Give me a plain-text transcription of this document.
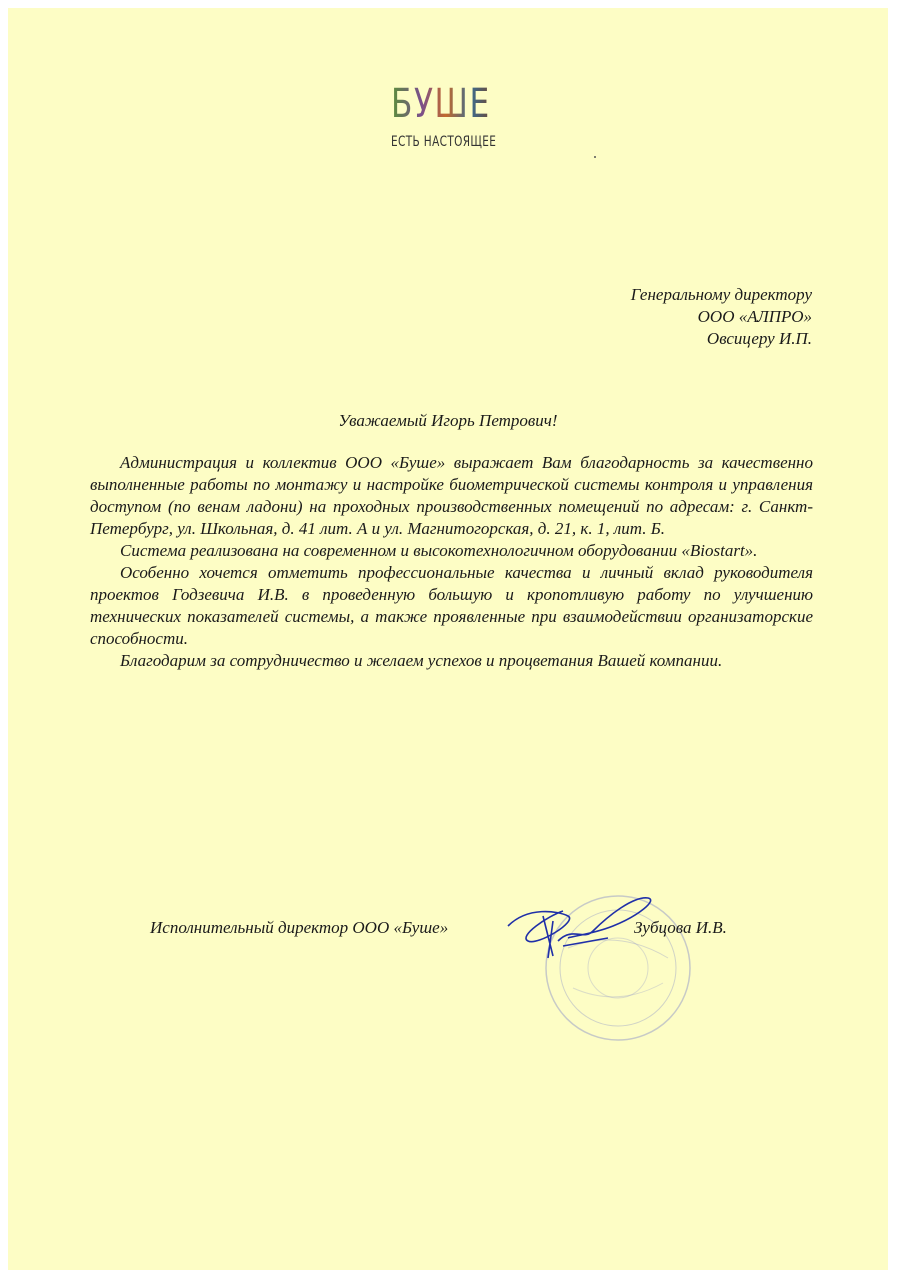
БУШЕ
ЕСТЬ НАСТОЯЩЕЕ
Генеральному директору
ООО «АЛПРО»
Овсицеру И.П.
Уважаемый Игорь Петрович!

Администрация и коллектив ООО «Буше» выражает Вам благодарность за качественно выполненные работы по монтажу и настройке биометрической системы контроля и управления доступом (по венам ладони) на проходных производственных помещений по адресам: г. Санкт-Петербург, ул. Школьная, д. 41 лит. А и ул. Магнитогорская, д. 21, к. 1, лит. Б.

Система реализована на современном и высокотехнологичном оборудовании «Biostart».

Особенно хочется отметить профессиональные качества и личный вклад руководителя проектов Годзевича И.В. в проведенную большую и кропотливую работу по улучшению технических показателей системы, а также проявленные при взаимодействии организаторские способности.

Благодарим за сотрудничество и желаем успехов и процветания Вашей компании.

Исполнительный директор ООО «Буше»	Зубцова И.В.
